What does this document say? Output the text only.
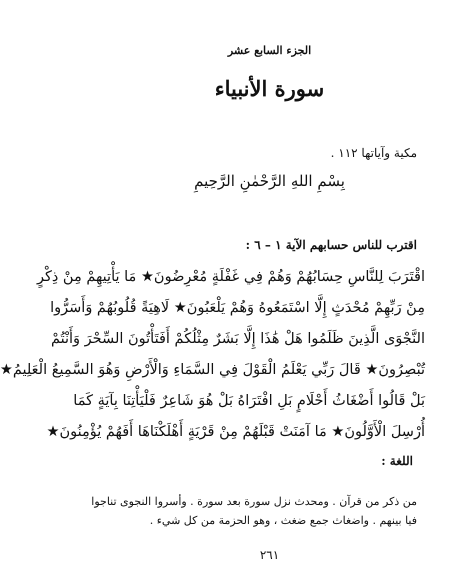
الجزء السابع عشر
سورة الأنبياء
مكية وآياتها ١١٢ .
بِسْمِ اللهِ الرَّحْمٰنِ الرَّحِيمِ
اقترب للناس حسابهم الآية ١ – ٦ :
اقْتَرَبَ لِلنَّاسِ حِسَابُهُمْ وَهُمْ فِي غَفْلَةٍ مُعْرِضُونَ★ مَا يَأْتِيهِمْ مِنْ ذِكْرٍ
مِنْ رَبِّهِمْ مُحْدَثٍ إِلَّا اسْتَمَعُوهُ وَهُمْ يَلْعَبُونَ★ لَاهِيَةً قُلُوبُهُمْ وَأَسَرُّوا
النَّجْوَى الَّذِينَ ظَلَمُوا هَلْ هَٰذَا إِلَّا بَشَرٌ مِثْلُكُمْ أَفَتَأْتُونَ السِّحْرَ وَأَنْتُمْ
تُبْصِرُونَ★ قَالَ رَبِّي يَعْلَمُ الْقَوْلَ فِي السَّمَاءِ وَالْأَرْضِ وَهُوَ السَّمِيعُ الْعَلِيمُ★
بَلْ قَالُوا أَضْغَاثُ أَحْلَامٍ بَلِ افْتَرَاهُ بَلْ هُوَ شَاعِرٌ فَلْيَأْتِنَا بِآيَةٍ كَمَا
أُرْسِلَ الْأَوَّلُونَ★ مَا آمَنَتْ قَبْلَهُمْ مِنْ قَرْيَةٍ أَهْلَكْنَاهَا أَفَهُمْ يُؤْمِنُونَ★
اللغة :
من ذكر من قرآن . ومحدث نزل سورة بعد سورة . وأسروا النجوى تناجوا
فيا بينهم . واضغاث جمع ضغث ، وهو الحزمة من كل شيء .
٢٦١
